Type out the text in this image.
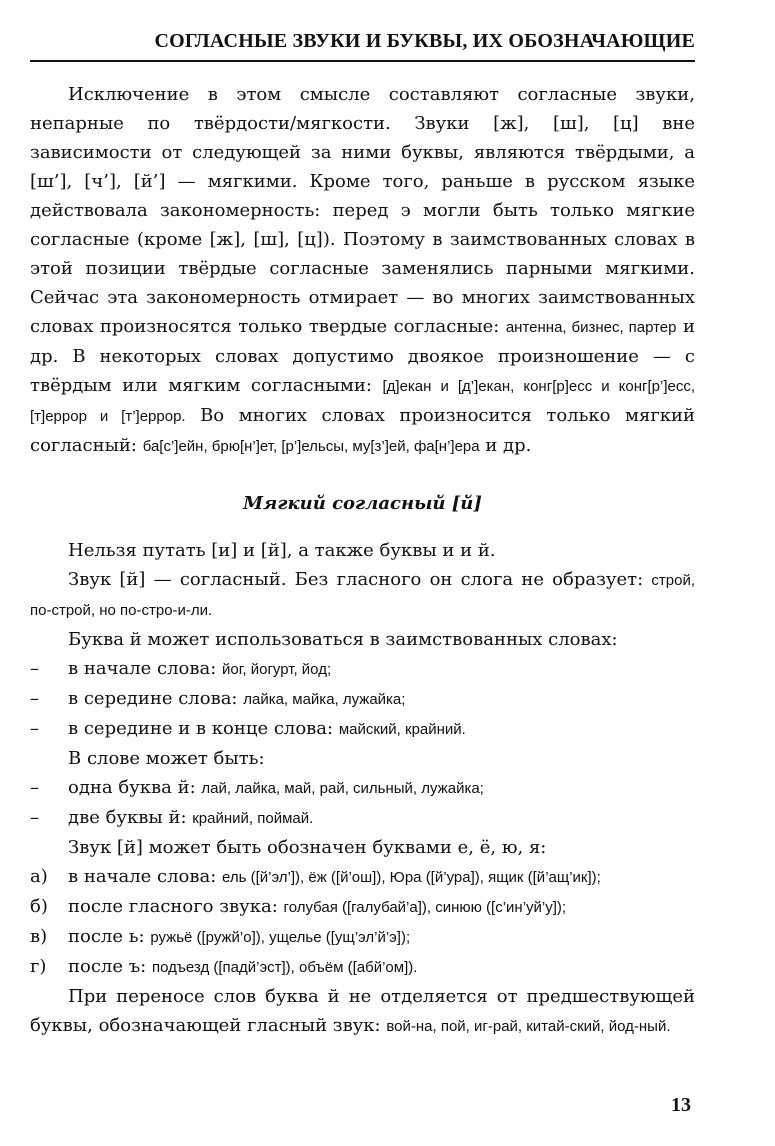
СОГЛАСНЫЕ ЗВУКИ И БУКВЫ, ИХ ОБОЗНАЧАЮЩИЕ

Исключение в этом смысле составляют согласные звуки, непарные по твёрдости/мягкости. Звуки [ж], [ш], [ц] вне зависимости от следующей за ними буквы, являются твёрдыми, а [ш’], [ч’], [й’] — мягкими. Кроме того, раньше в русском языке действовала закономерность: перед э могли быть только мягкие согласные (кроме [ж], [ш], [ц]). Поэтому в заимствованных словах в этой позиции твёрдые согласные заменялись парными мягкими. Сейчас эта закономерность отмирает — во многих заимствованных словах произносятся только твердые согласные: антенна, бизнес, партер и др. В некоторых словах допустимо двоякое произношение — с твёрдым или мягким согласными: [д]екан и [д’]екан, конг[р]есс и конг[р’]есс, [т]еррор и [т’]еррор. Во многих словах произносится только мягкий согласный: ба[с’]ейн, брю[н’]ет, [р’]ельсы, му[з’]ей, фа[н’]ера и др.

Мягкий согласный [й]

Нельзя путать [и] и [й], а также буквы и и й.

Звук [й] — согласный. Без гласного он слога не образует: строй, по-строй, но по-стро-и-ли.

Буква й может использоваться в заимствованных словах:

–	в начале слова: йог, йогурт, йод;
–	в середине слова: лайка, майка, лужайка;
–	в середине и в конце слова: майский, крайний.

В слове может быть:

–	одна буква й: лай, лайка, май, рай, сильный, лужайка;
–	две буквы й: крайний, поймай.

Звук [й] может быть обозначен буквами е, ё, ю, я:

а)	в начале слова: ель ([й’эл’]), ёж ([й’ош]), Юра ([й’ура]), ящик ([й’ащ’ик]);
б)	после гласного звука: голубая ([галубай’а]), синюю ([с’ин’уй’у]);
в)	после ь: ружьё ([ружй’о]), ущелье ([ущ’эл’й’э]);
г)	после ъ: подъезд ([падй’эст]), объём ([абй’ом]).

При переносе слов буква й не отделяется от предшествующей буквы, обозначающей гласный звук: вой-на, пой, иг-рай, китай-ский, йод-ный.

13
